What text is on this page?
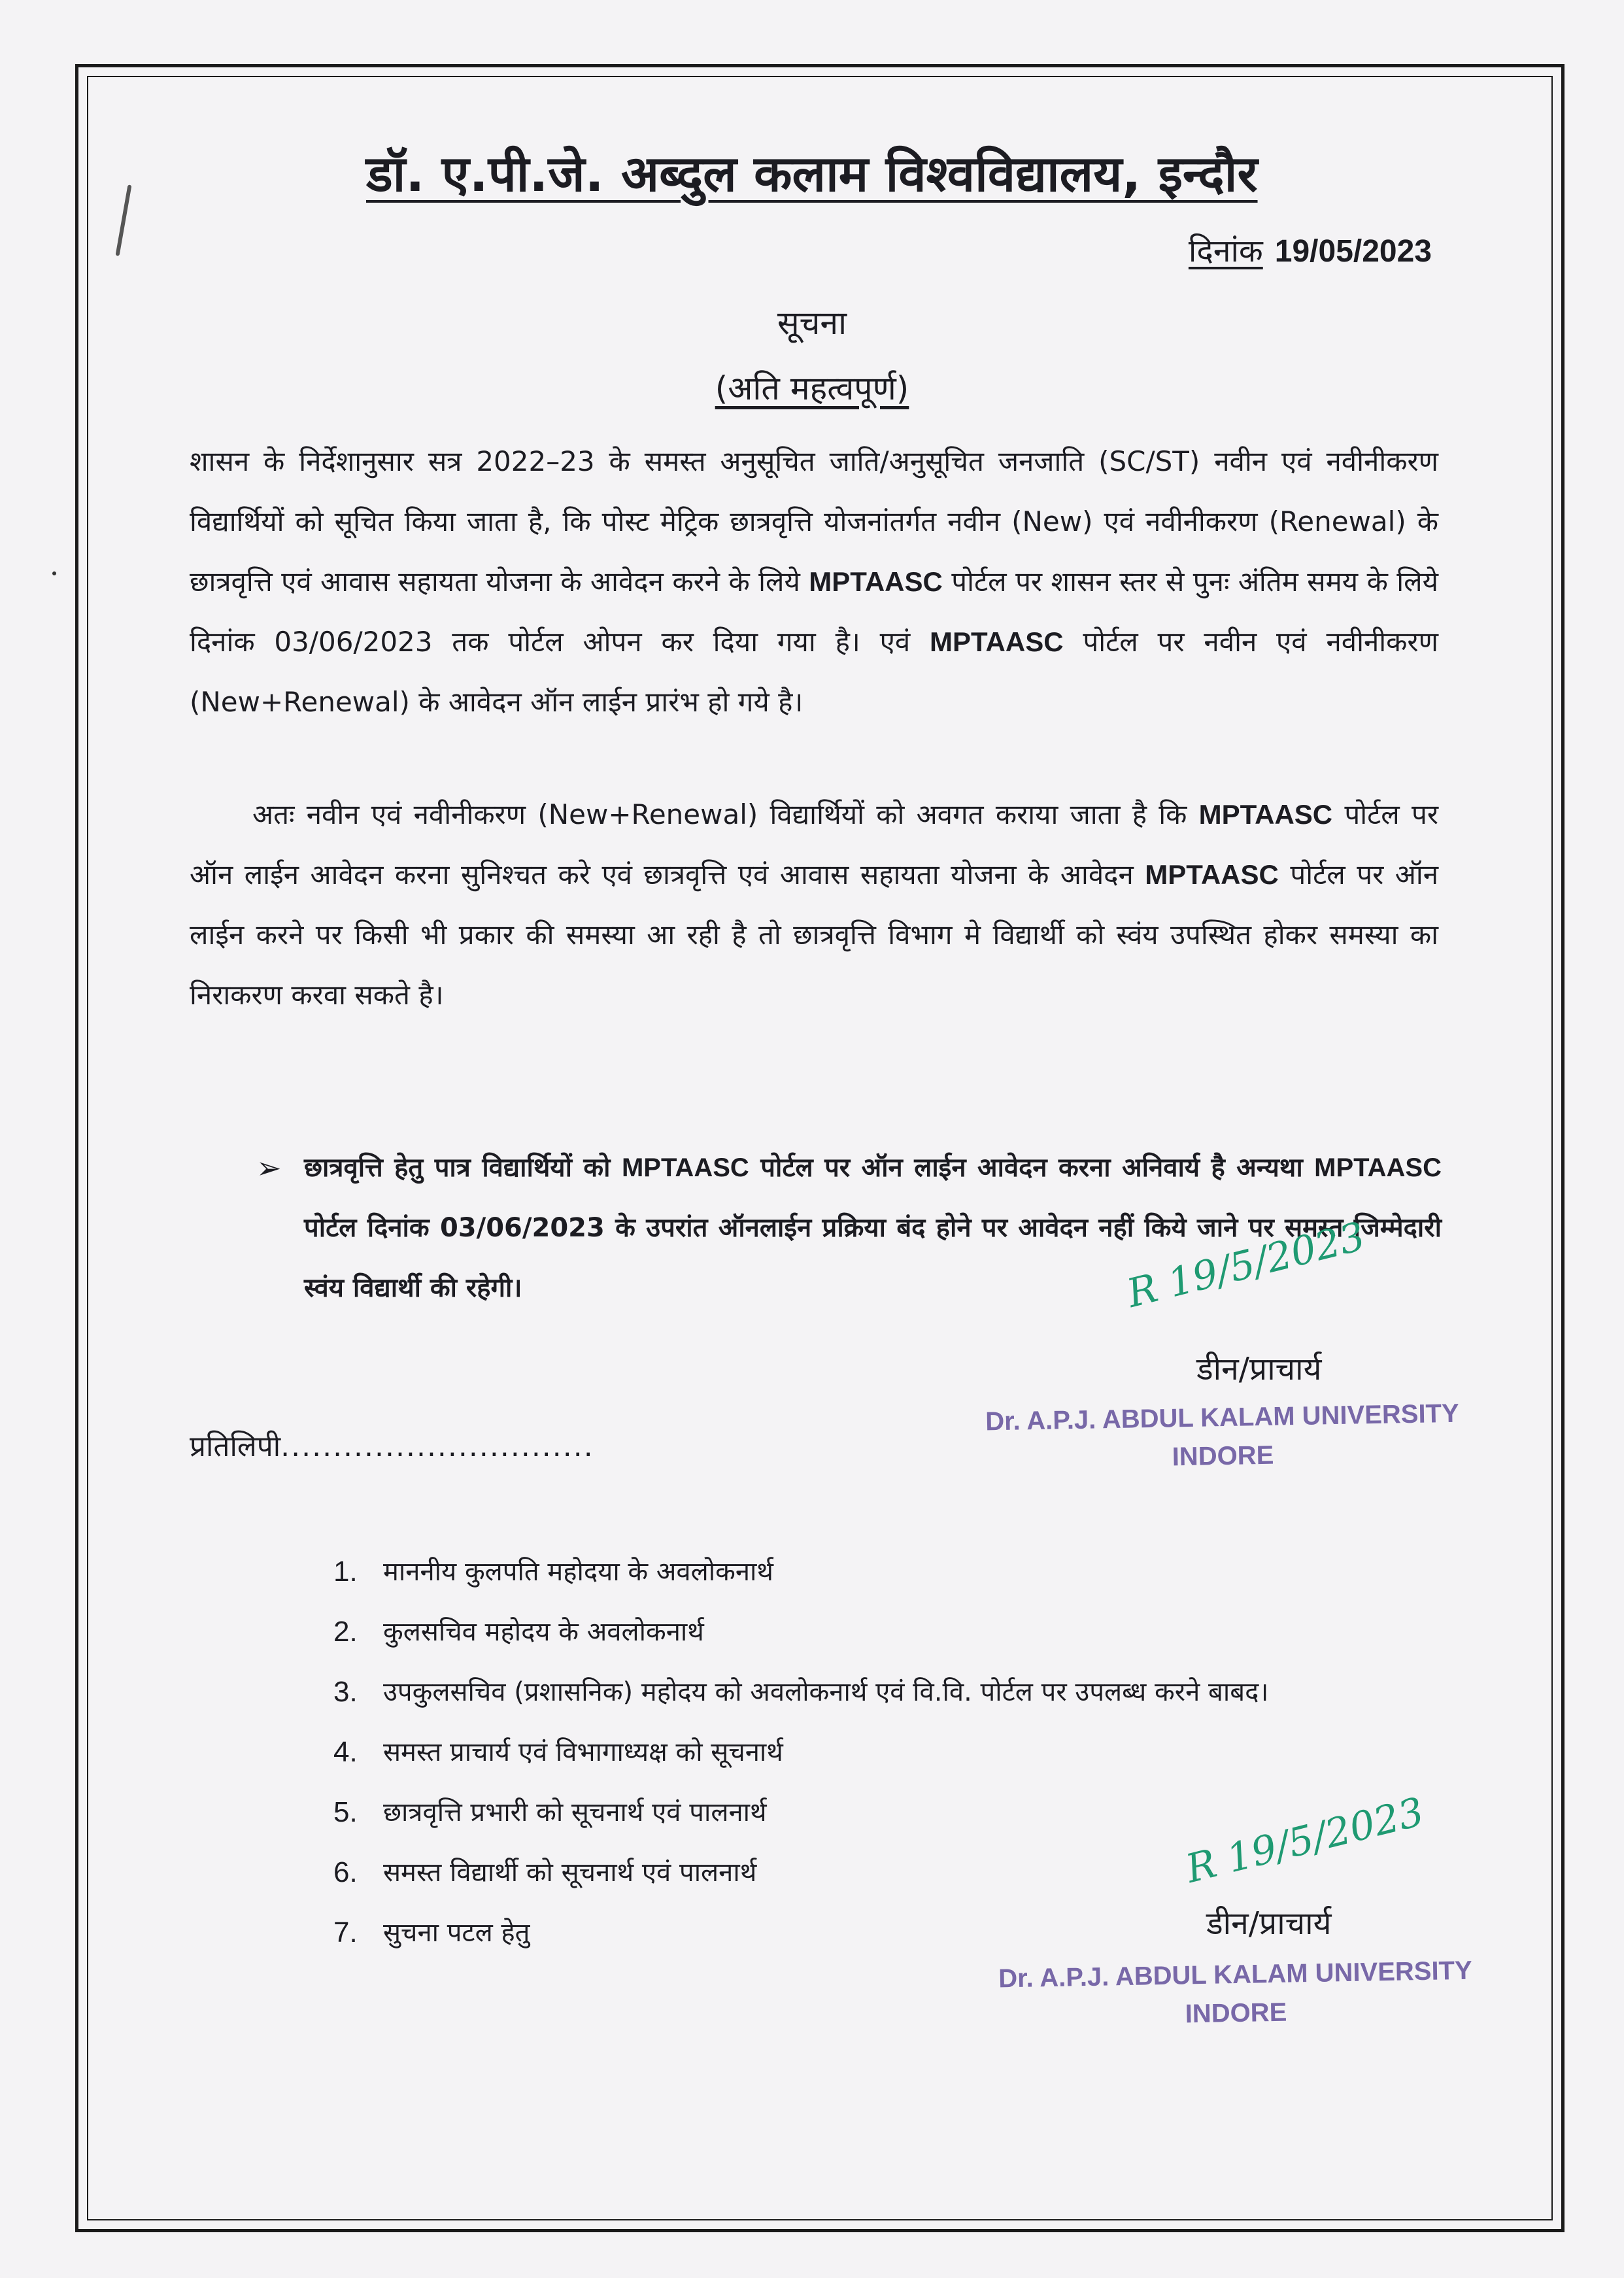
डॉ. ए.पी.जे. अब्दुल कलाम विश्वविद्यालय, इन्दौर
दिनांक 19/05/2023
सूचना
(अति महत्वपूर्ण)
शासन के निर्देशानुसार सत्र 2022–23 के समस्त अनुसूचित जाति/अनुसूचित जनजाति (SC/ST) नवीन एवं नवीनीकरण विद्यार्थियों को सूचित किया जाता है, कि पोस्ट मेट्रिक छात्रवृत्ति योजनांतर्गत नवीन (New) एवं नवीनीकरण (Renewal) के छात्रवृत्ति एवं आवास सहायता योजना के आवेदन करने के लिये MPTAASC पोर्टल पर शासन स्तर से पुनः अंतिम समय के लिये दिनांक 03/06/2023 तक पोर्टल ओपन कर दिया गया है। एवं MPTAASC पोर्टल पर नवीन एवं नवीनीकरण (New+Renewal) के आवेदन ऑन लाईन प्रारंभ हो गये है।
अतः नवीन एवं नवीनीकरण (New+Renewal) विद्यार्थियों को अवगत कराया जाता है कि MPTAASC पोर्टल पर ऑन लाईन आवेदन करना सुनिश्चत करे एवं छात्रवृत्ति एवं आवास सहायता योजना के आवेदन MPTAASC पोर्टल पर ऑन लाईन करने पर किसी भी प्रकार की समस्या आ रही है तो छात्रवृत्ति विभाग मे विद्यार्थी को स्वंय उपस्थित होकर समस्या का निराकरण करवा सकते है।
➢ छात्रवृत्ति हेतु पात्र विद्यार्थियों को MPTAASC पोर्टल पर ऑन लाईन आवेदन करना अनिवार्य है अन्यथा MPTAASC पोर्टल दिनांक 03/06/2023 के उपरांत ऑनलाईन प्रक्रिया बंद होने पर आवेदन नहीं किये जाने पर समस्त जिम्मेदारी स्वंय विद्यार्थी की रहेगी।	R 19/5/2023
डीन/प्राचार्य
Dr. A.P.J. ABDUL KALAM UNIVERSITY
INDORE
प्रतिलिपी..............................
1. माननीय कुलपति महोदया के अवलोकनार्थ
2. कुलसचिव महोदय के अवलोकनार्थ
3. उपकुलसचिव (प्रशासनिक) महोदय को अवलोकनार्थ एवं वि.वि. पोर्टल पर उपलब्ध करने बाबद।
4. समस्त प्राचार्य एवं विभागाध्यक्ष को सूचनार्थ
5. छात्रवृत्ति प्रभारी को सूचनार्थ एवं पालनार्थ
6. समस्त विद्यार्थी को सूचनार्थ एवं पालनार्थ
7. सुचना पटल हेतु
R 19/5/2023
डीन/प्राचार्य
Dr. A.P.J. ABDUL KALAM UNIVERSITY
INDORE
